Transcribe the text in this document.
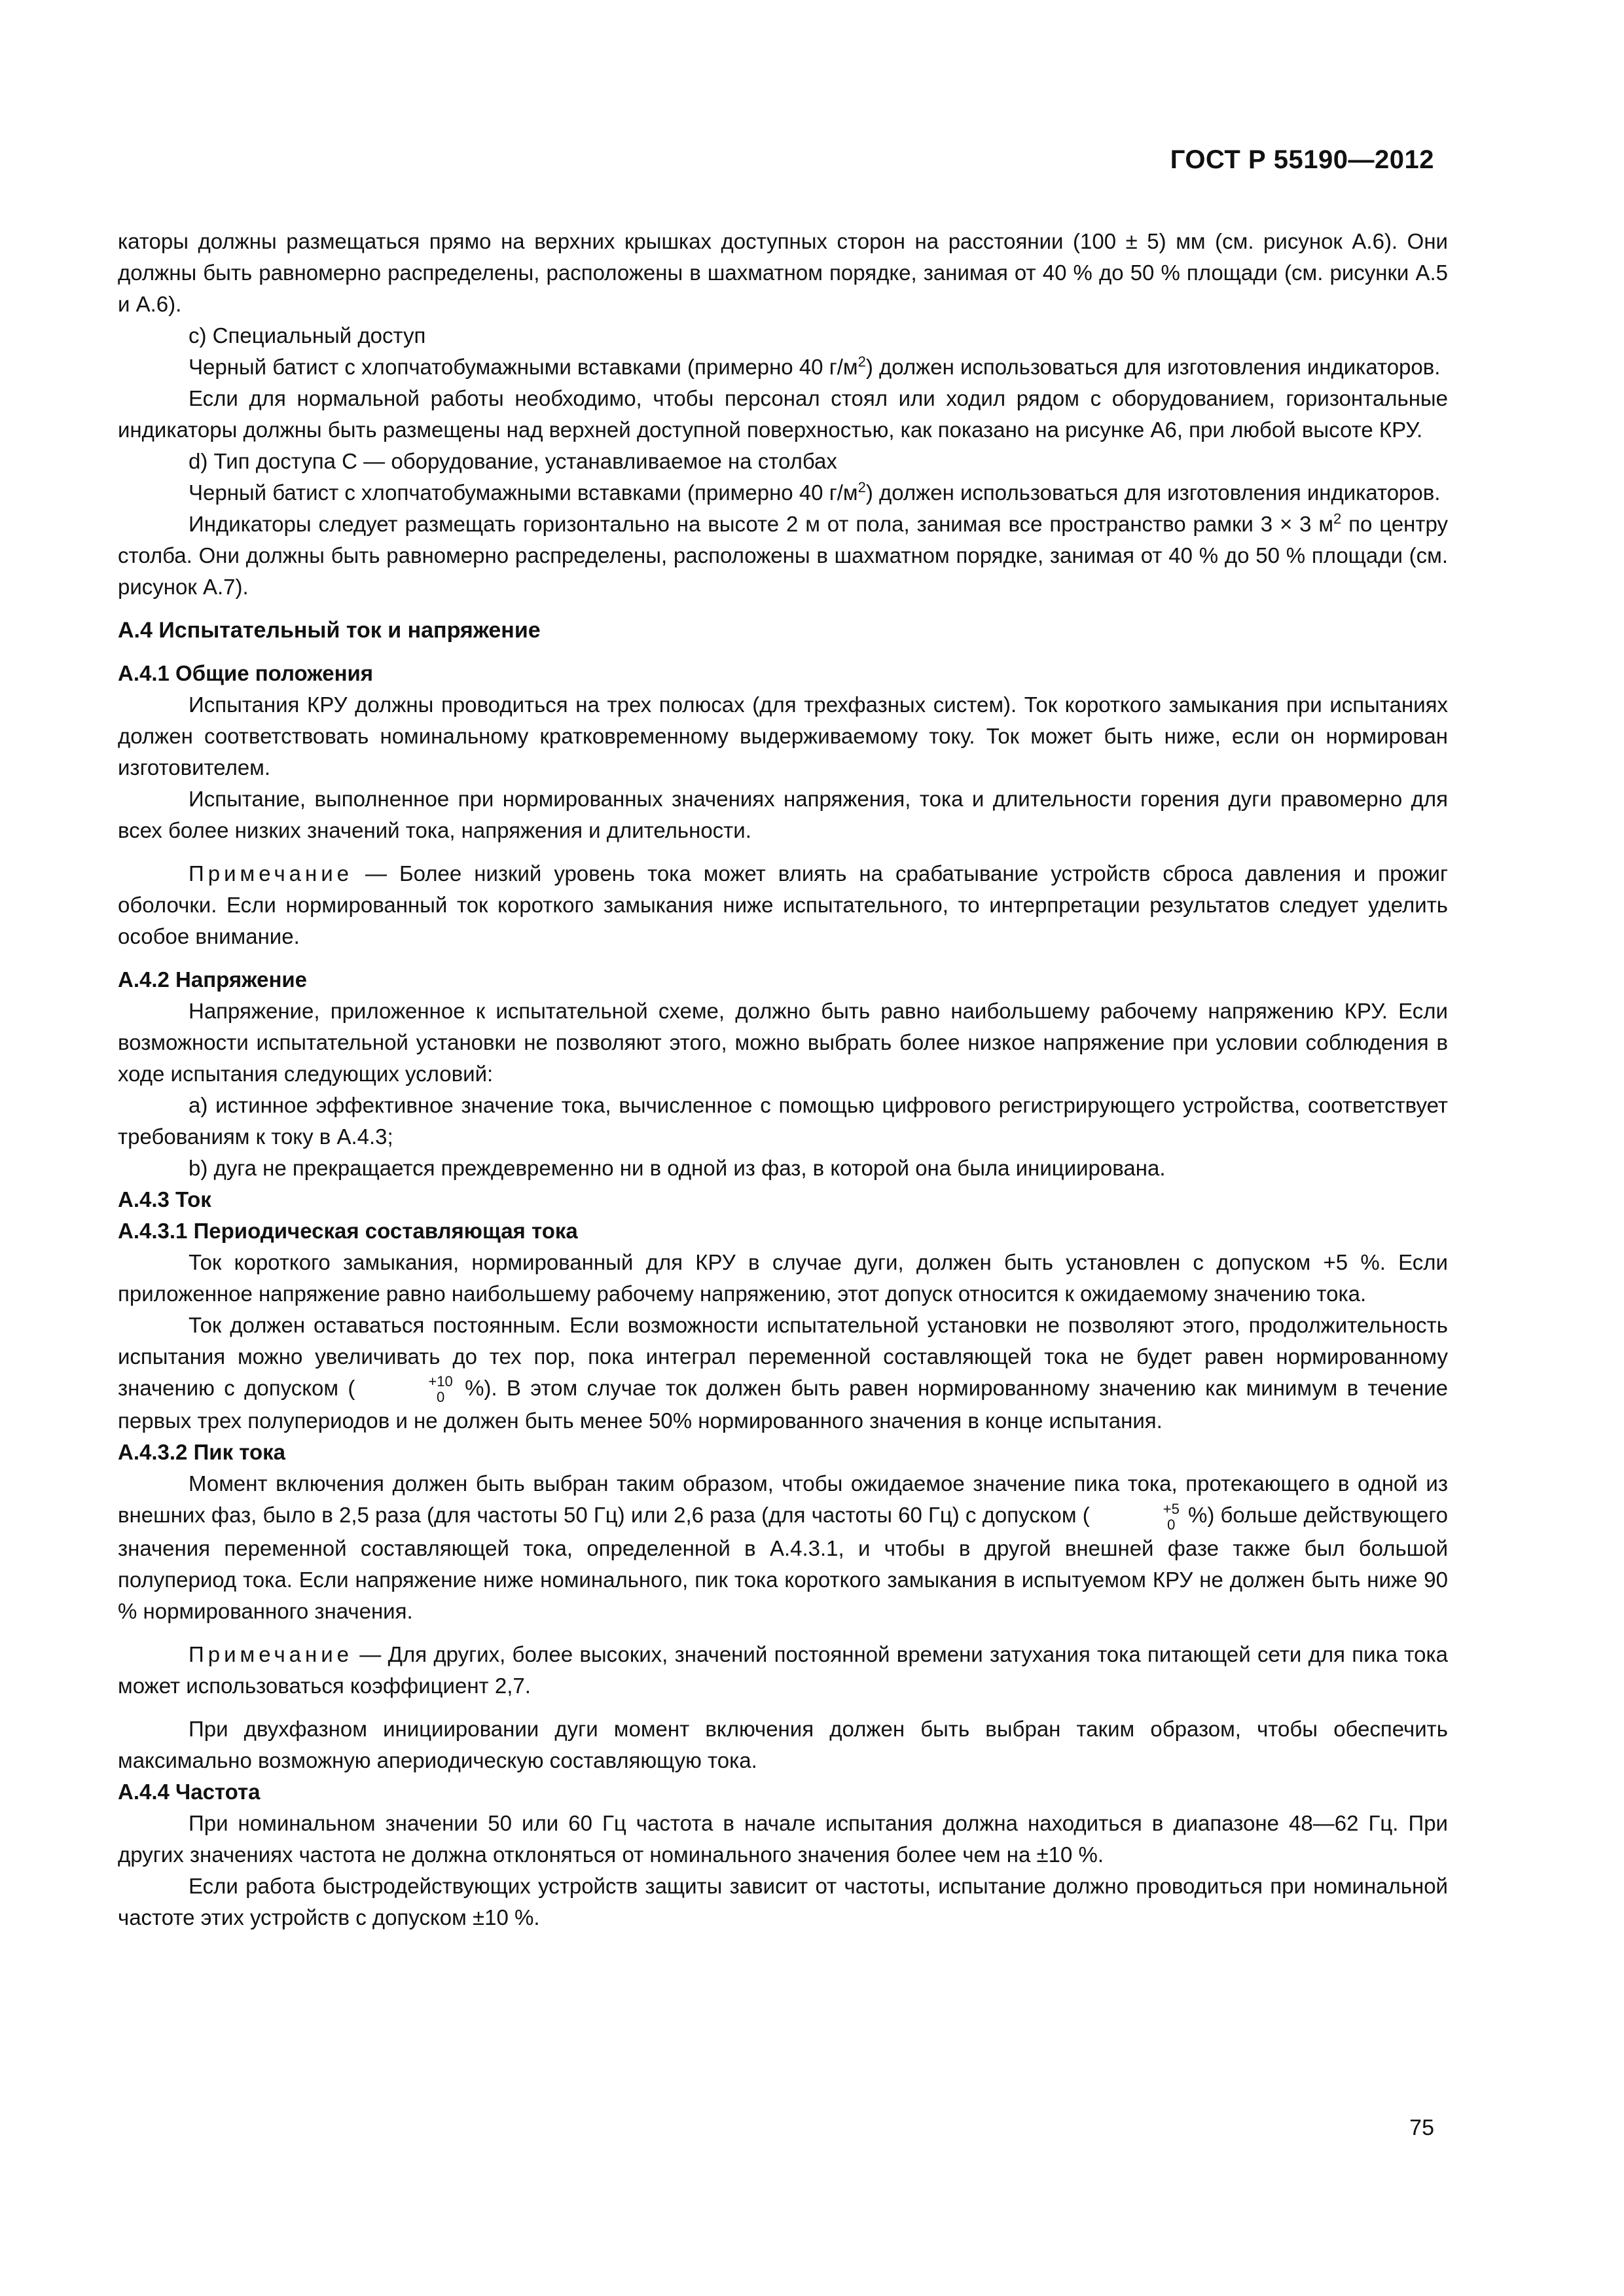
ГОСТ Р 55190—2012

каторы должны размещаться прямо на верхних крышках доступных сторон на расстоянии (100 ± 5) мм (см. рисунок А.6). Они должны быть равномерно распределены, расположены в шахматном порядке, занимая от 40 % до 50 % площади (см. рисунки А.5 и А.6).

c) Специальный доступ

Черный батист с хлопчатобумажными вставками (примерно 40 $г/м^2$) должен использоваться для изготовления индикаторов.

Если для нормальной работы необходимо, чтобы персонал стоял или ходил рядом с оборудованием, горизонтальные индикаторы должны быть размещены над верхней доступной поверхностью, как показано на рисунке А6, при любой высоте КРУ.

d) Тип доступа С — оборудование, устанавливаемое на столбах

Черный батист с хлопчатобумажными вставками (примерно 40 $г/м^2$) должен использоваться для изготовления индикаторов.

Индикаторы следует размещать горизонтально на высоте 2 м от пола, занимая все пространство рамки 3 × 3 $м^2$ по центру столба. Они должны быть равномерно распределены, расположены в шахматном порядке, занимая от 40 % до 50 % площади (см. рисунок А.7).

А.4 Испытательный ток и напряжение

А.4.1 Общие положения

Испытания КРУ должны проводиться на трех полюсах (для трехфазных систем). Ток короткого замыкания при испытаниях должен соответствовать номинальному кратковременному выдерживаемому току. Ток может быть ниже, если он нормирован изготовителем.

Испытание, выполненное при нормированных значениях напряжения, тока и длительности горения дуги правомерно для всех более низких значений тока, напряжения и длительности.

Примечание — Более низкий уровень тока может влиять на срабатывание устройств сброса давления и прожиг оболочки. Если нормированный ток короткого замыкания ниже испытательного, то интерпретации результатов следует уделить особое внимание.

А.4.2 Напряжение

Напряжение, приложенное к испытательной схеме, должно быть равно наибольшему рабочему напряжению КРУ. Если возможности испытательной установки не позволяют этого, можно выбрать более низкое напряжение при условии соблюдения в ходе испытания следующих условий:

a) истинное эффективное значение тока, вычисленное с помощью цифрового регистрирующего устройства, соответствует требованиям к току в А.4.3;

b) дуга не прекращается преждевременно ни в одной из фаз, в которой она была инициирована.

А.4.3 Ток

А.4.3.1 Периодическая составляющая тока

Ток короткого замыкания, нормированный для КРУ в случае дуги, должен быть установлен с допуском +5 %. Если приложенное напряжение равно наибольшему рабочему напряжению, этот допуск относится к ожидаемому значению тока.

Ток должен оставаться постоянным. Если возможности испытательной установки не позволяют этого, продолжительность испытания можно увеличивать до тех пор, пока интеграл переменной составляющей тока не будет равен нормированному значению с допуском (	+10
0 %). В этом случае ток должен быть равен нормированному значению как минимум в течение первых трех полупериодов и не должен быть менее 50% нормированного значения в конце испытания.

А.4.3.2 Пик тока

Момент включения должен быть выбран таким образом, чтобы ожидаемое значение пика тока, протекающего в одной из внешних фаз, было в 2,5 раза (для частоты 50 Гц) или 2,6 раза (для частоты 60 Гц) с допуском (	+5
0 %) больше действующего значения переменной составляющей тока, определенной в А.4.3.1, и чтобы в другой внешней фазе также был большой полупериод тока. Если напряжение ниже номинального, пик тока короткого замыкания в испытуемом КРУ не должен быть ниже 90 % нормированного значения.

Примечание — Для других, более высоких, значений постоянной времени затухания тока питающей сети для пика тока может использоваться коэффициент 2,7.

При двухфазном инициировании дуги момент включения должен быть выбран таким образом, чтобы обеспечить максимально возможную апериодическую составляющую тока.

А.4.4 Частота

При номинальном значении 50 или 60 Гц частота в начале испытания должна находиться в диапазоне 48—62 Гц. При других значениях частота не должна отклоняться от номинального значения более чем на ±10 %.

Если работа быстродействующих устройств защиты зависит от частоты, испытание должно проводиться при номинальной частоте этих устройств с допуском ±10 %.

75
